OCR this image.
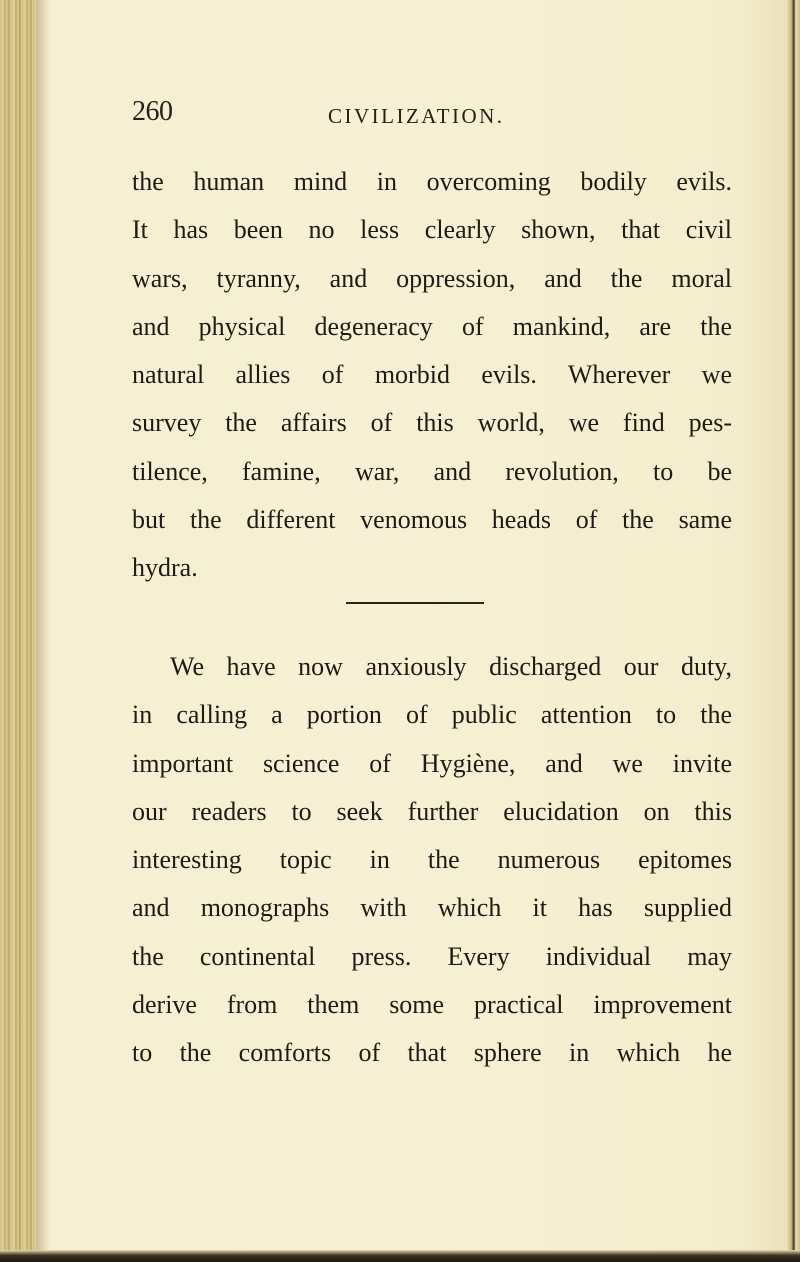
260	CIVILIZATION.
the human mind in overcoming bodily evils.
It has been no less clearly shown, that civil
wars, tyranny, and oppression, and the moral
and physical degeneracy of mankind, are the
natural allies of morbid evils. Wherever we
survey the affairs of this world, we find pes-
tilence, famine, war, and revolution, to be
but the different venomous heads of the same
hydra.
We have now anxiously discharged our duty,
in calling a portion of public attention to the
important science of Hygiène, and we invite
our readers to seek further elucidation on this
interesting topic in the numerous epitomes
and monographs with which it has supplied
the continental press. Every individual may
derive from them some practical improvement
to the comforts of that sphere in which he
